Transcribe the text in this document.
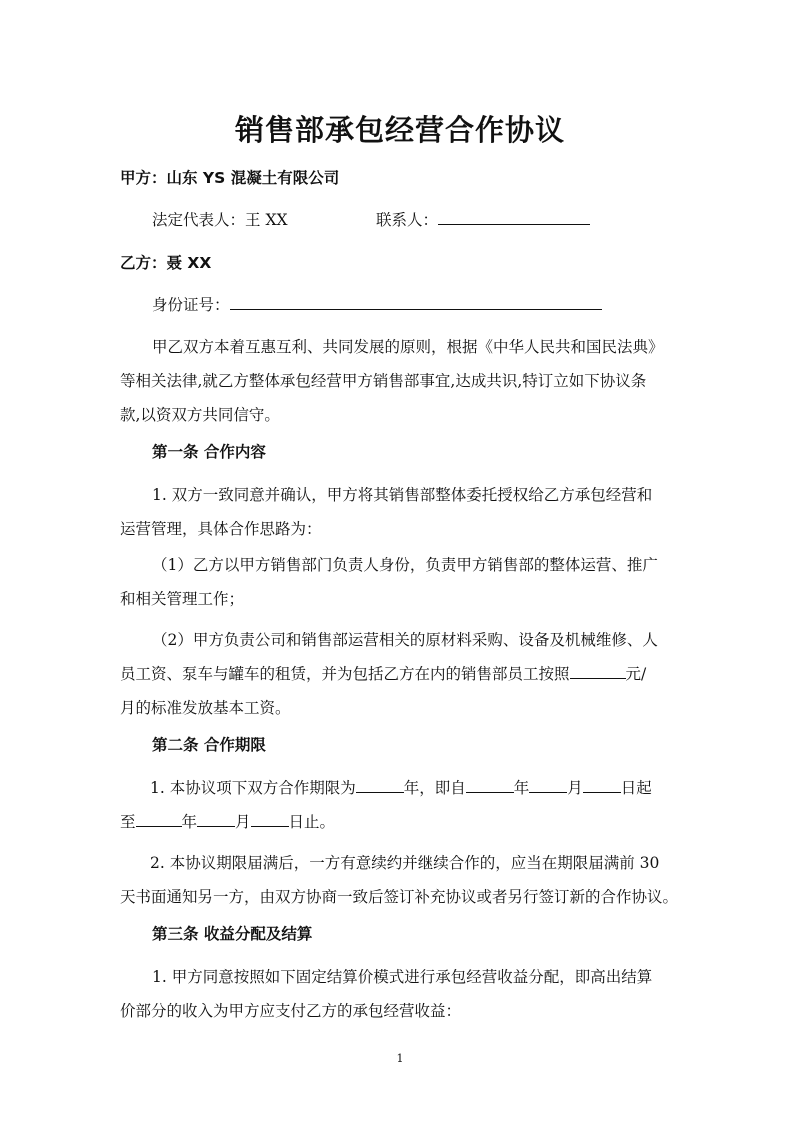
销售部承包经营合作协议

甲方：山东 YS 混凝土有限公司

法定代表人：王 XX	联系人：

乙方：聂 XX

身份证号：

甲乙双方本着互惠互利、共同发展的原则，根据《中华人民共和国民法典》

等相关法律,就乙方整体承包经营甲方销售部事宜,达成共识,特订立如下协议条

款,以资双方共同信守。

第一条 合作内容

1. 双方一致同意并确认，甲方将其销售部整体委托授权给乙方承包经营和

运营管理，具体合作思路为：

（1）乙方以甲方销售部门负责人身份，负责甲方销售部的整体运营、推广

和相关管理工作；

（2）甲方负责公司和销售部运营相关的原材料采购、设备及机械维修、人

员工资、泵车与罐车的租赁，并为包括乙方在内的销售部员工按照	元/

月的标准发放基本工资。

第二条 合作期限

1. 本协议项下双方合作期限为	年，即自	年 月 日起

至	年 月 日止。

2. 本协议期限届满后，一方有意续约并继续合作的，应当在期限届满前 30

天书面通知另一方，由双方协商一致后签订补充协议或者另行签订新的合作协议。

第三条 收益分配及结算

1. 甲方同意按照如下固定结算价模式进行承包经营收益分配，即高出结算

价部分的收入为甲方应支付乙方的承包经营收益：

1
